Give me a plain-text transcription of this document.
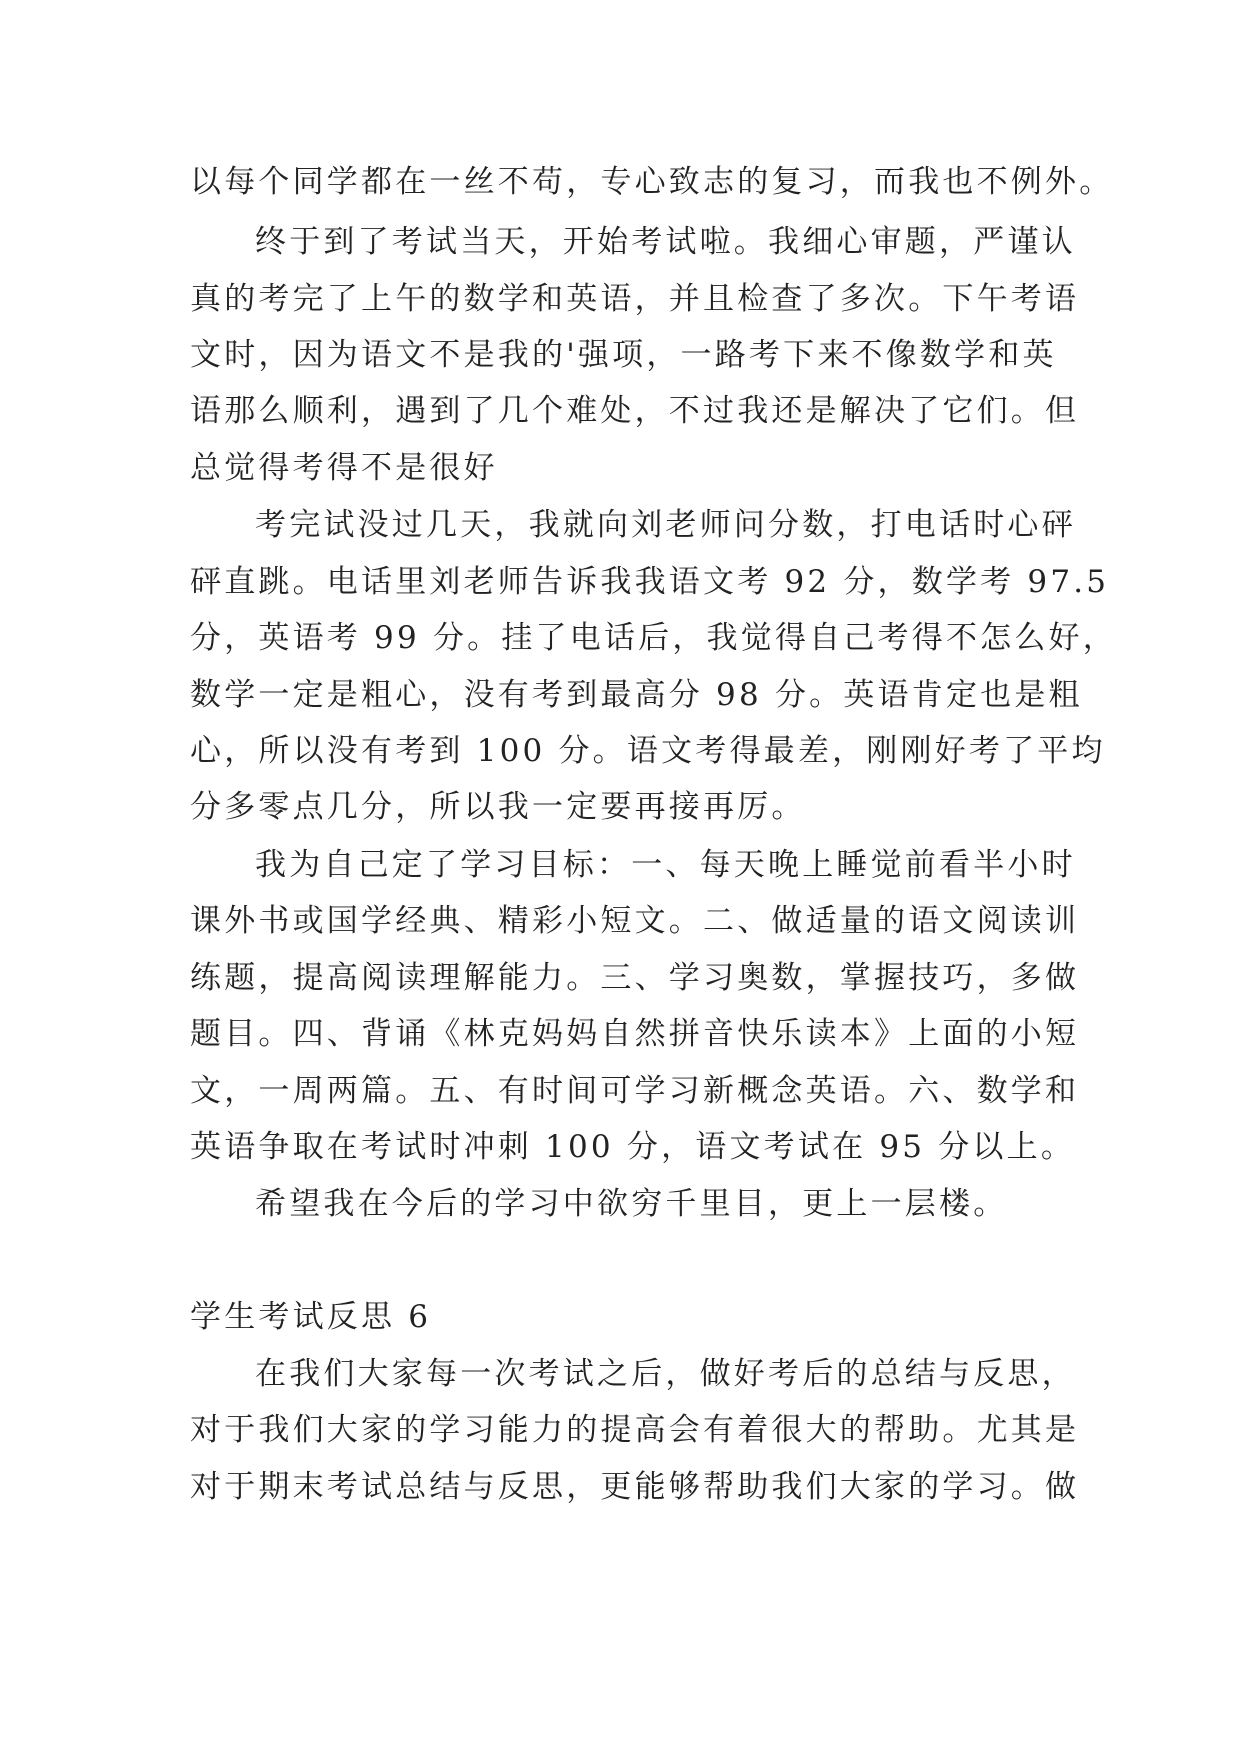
以每个同学都在一丝不苟，专心致志的复习，而我也不例外。
终于到了考试当天，开始考试啦。我细心审题，严谨认
真的考完了上午的数学和英语，并且检查了多次。下午考语
文时，因为语文不是我的'强项，一路考下来不像数学和英
语那么顺利，遇到了几个难处，不过我还是解决了它们。但
总觉得考得不是很好
考完试没过几天，我就向刘老师问分数，打电话时心砰
砰直跳。电话里刘老师告诉我我语文考 92 分，数学考 97.5
分，英语考 99 分。挂了电话后，我觉得自己考得不怎么好，
数学一定是粗心，没有考到最高分 98 分。英语肯定也是粗
心，所以没有考到 100 分。语文考得最差，刚刚好考了平均
分多零点几分，所以我一定要再接再厉。
我为自己定了学习目标：一、每天晚上睡觉前看半小时
课外书或国学经典、精彩小短文。二、做适量的语文阅读训
练题，提高阅读理解能力。三、学习奥数，掌握技巧，多做
题目。四、背诵《林克妈妈自然拼音快乐读本》上面的小短
文，一周两篇。五、有时间可学习新概念英语。六、数学和
英语争取在考试时冲刺 100 分，语文考试在 95 分以上。
希望我在今后的学习中欲穷千里目，更上一层楼。
学生考试反思 6
在我们大家每一次考试之后，做好考后的总结与反思，
对于我们大家的学习能力的提高会有着很大的帮助。尤其是
对于期末考试总结与反思，更能够帮助我们大家的学习。做
